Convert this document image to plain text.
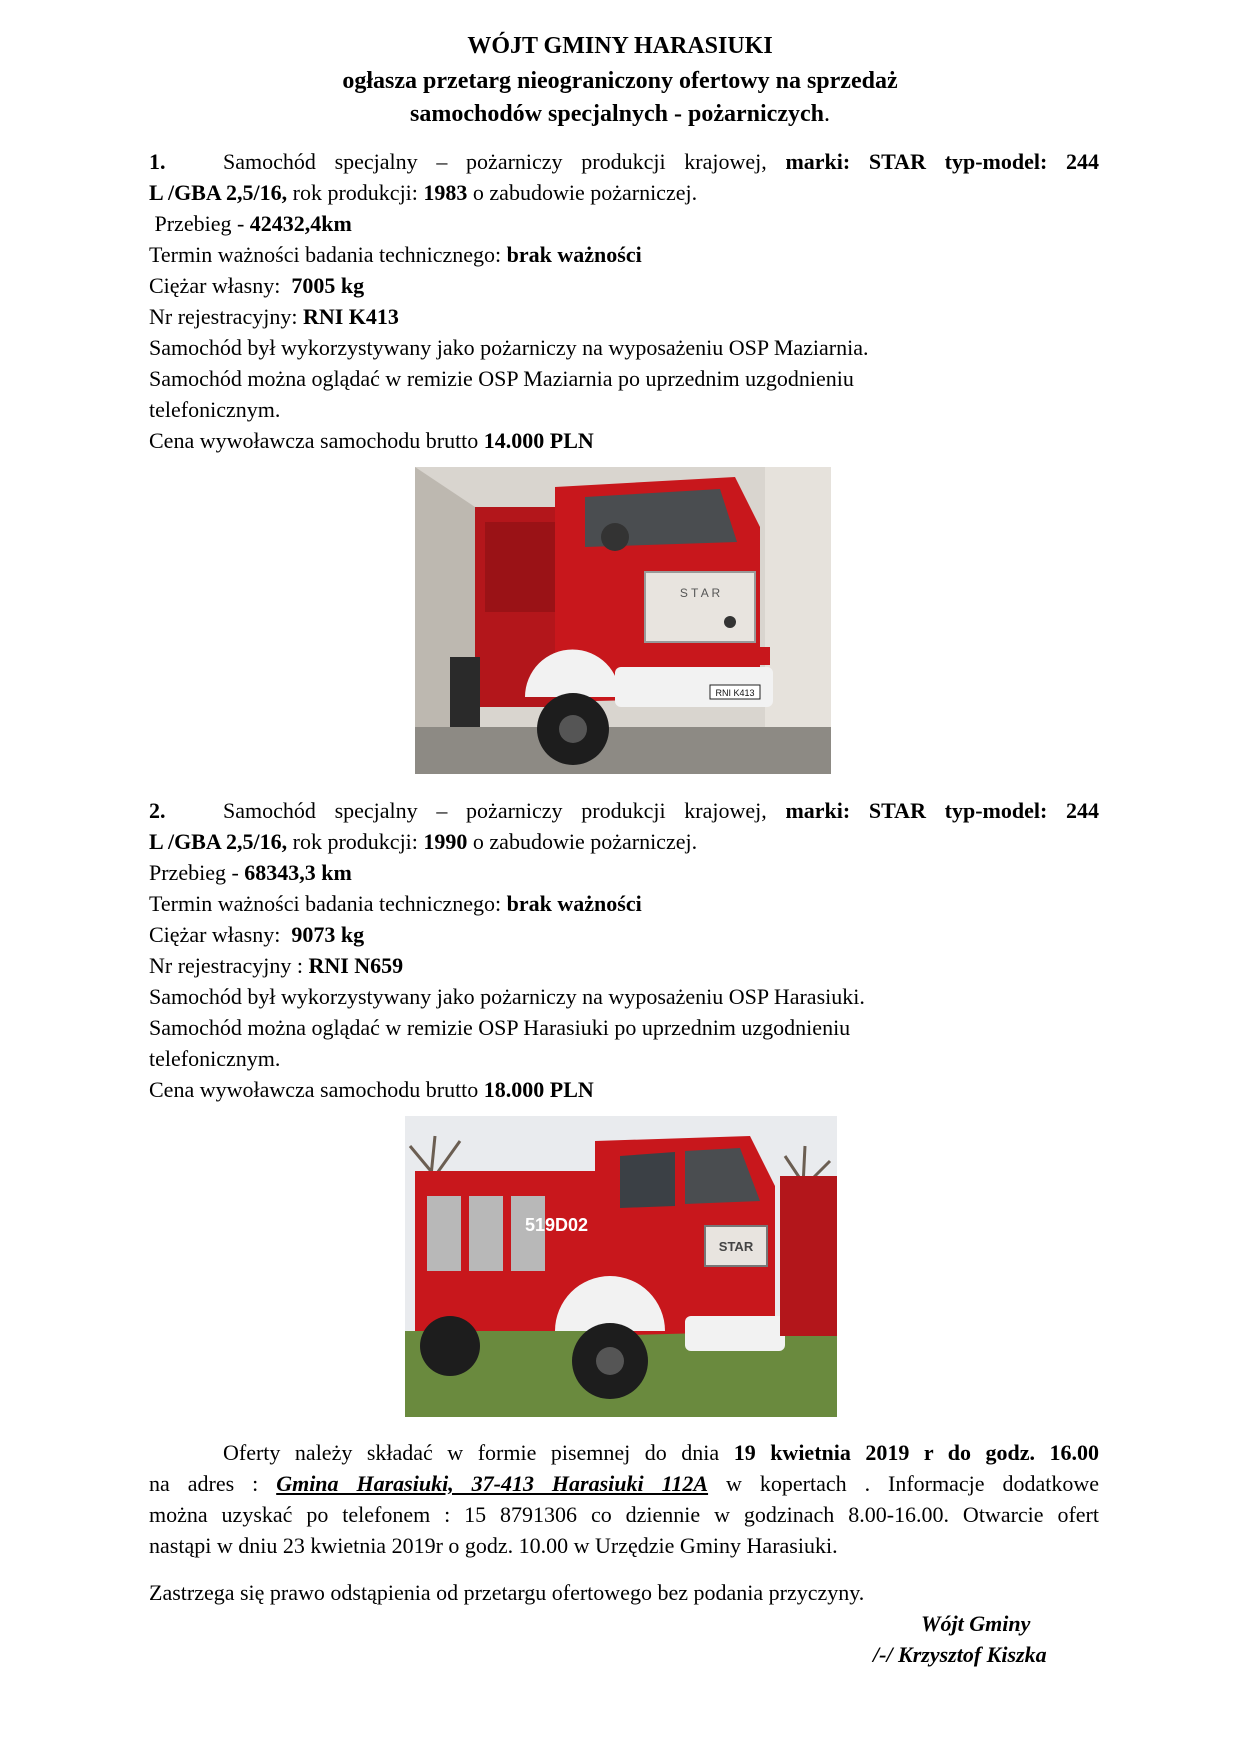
WÓJT GMINY HARASIUKI
ogłasza przetarg nieograniczony ofertowy na sprzedaż
samochodów specjalnych - pożarniczych.
1.	Samochód specjalny – pożarniczy produkcji krajowej, marki: STAR typ-model: 244
L /GBA 2,5/16, rok produkcji: 1983 o zabudowie pożarniczej.
Przebieg - 42432,4km
Termin ważności badania technicznego: brak ważności
Ciężar własny: 7005 kg
Nr rejestracyjny: RNI K413
Samochód był wykorzystywany jako pożarniczy na wyposażeniu OSP Maziarnia.
Samochód można oglądać w remizie OSP Maziarnia po uprzednim uzgodnieniu
telefonicznym.
Cena wywoławcza samochodu brutto 14.000 PLN
S T A R
RNI K413
2.	Samochód specjalny – pożarniczy produkcji krajowej, marki: STAR typ-model: 244
L /GBA 2,5/16, rok produkcji: 1990 o zabudowie pożarniczej.
Przebieg - 68343,3 km
Termin ważności badania technicznego: brak ważności
Ciężar własny: 9073 kg
Nr rejestracyjny : RNI N659
Samochód był wykorzystywany jako pożarniczy na wyposażeniu OSP Harasiuki.
Samochód można oglądać w remizie OSP Harasiuki po uprzednim uzgodnieniu
telefonicznym.
Cena wywoławcza samochodu brutto 18.000 PLN
STAR
519D02
Oferty należy składać w formie pisemnej do dnia 19 kwietnia 2019 r do godz. 16.00
na adres : Gmina Harasiuki, 37-413 Harasiuki 112A w kopertach . Informacje dodatkowe
można uzyskać po telefonem : 15 8791306 co dziennie w godzinach 8.00-16.00. Otwarcie ofert
nastąpi w dniu 23 kwietnia 2019r o godz. 10.00 w Urzędzie Gminy Harasiuki.
Zastrzega się prawo odstąpienia od przetargu ofertowego bez podania przyczyny.
Wójt Gminy
/-/ Krzysztof Kiszka
